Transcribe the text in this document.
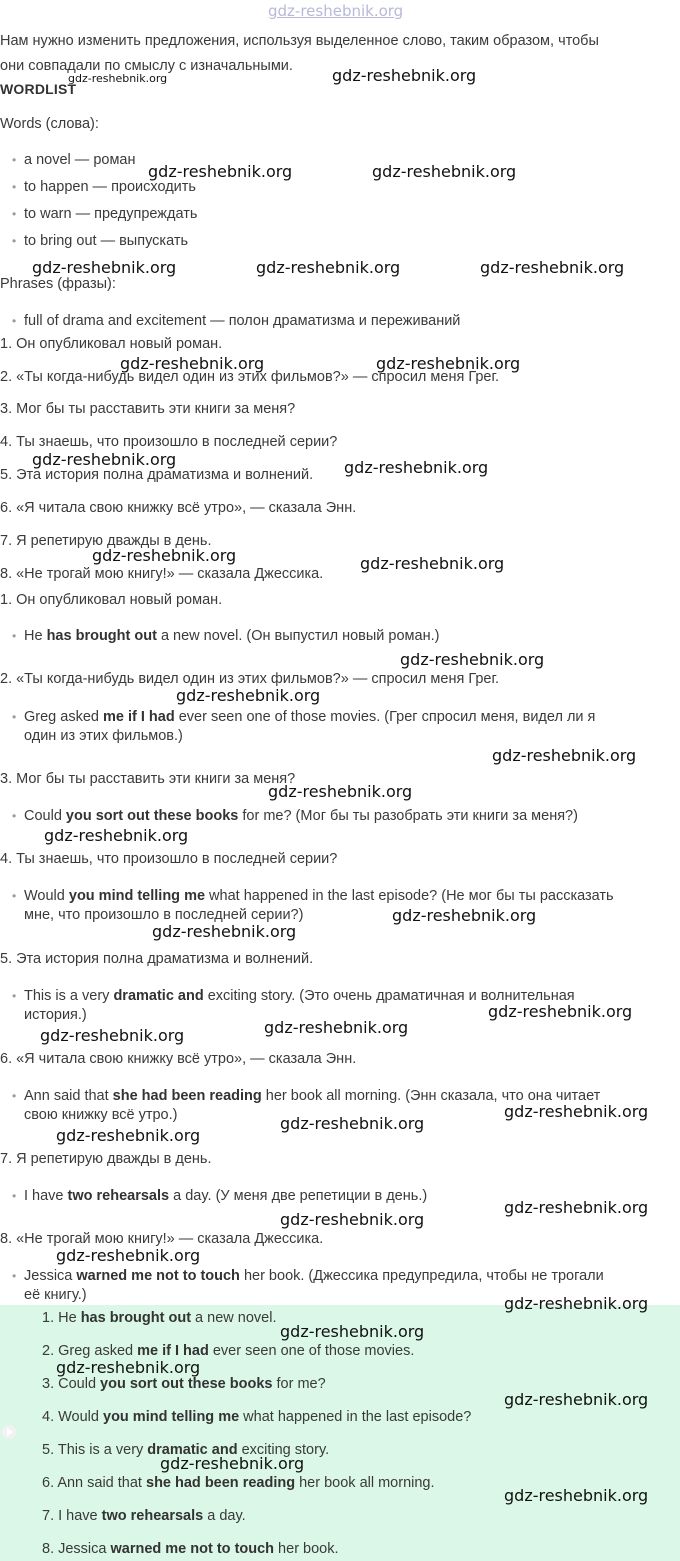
gdz-reshebnik.org
Нам нужно изменить предложения, используя выделенное слово, таким образом, чтобы
они совпадали по смыслу с изначальными.
WORDLIST
Words (слова):
• a novel — роман
• to happen — происходить
• to warn — предупреждать
• to bring out — выпускать
Phrases (фразы):
• full of drama and excitement — полон драматизма и переживаний
1. Он опубликовал новый роман.
2. «Ты когда-нибудь видел один из этих фильмов?» — спросил меня Грег.
3. Мог бы ты расставить эти книги за меня?
4. Ты знаешь, что произошло в последней серии?
5. Эта история полна драматизма и волнений.
6. «Я читала свою книжку всё утро», — сказала Энн.
7. Я репетирую дважды в день.
8. «Не трогай мою книгу!» — сказала Джессика.
1. Он опубликовал новый роман.
• He has brought out a new novel. (Он выпустил новый роман.)
2. «Ты когда-нибудь видел один из этих фильмов?» — спросил меня Грег.
• Greg asked me if I had ever seen one of those movies. (Грег спросил меня, видел ли я
один из этих фильмов.)
3. Мог бы ты расставить эти книги за меня?
• Could you sort out these books for me? (Мог бы ты разобрать эти книги за меня?)
4. Ты знаешь, что произошло в последней серии?
• Would you mind telling me what happened in the last episode? (Не мог бы ты рассказать
мне, что произошло в последней серии?)
5. Эта история полна драматизма и волнений.
• This is a very dramatic and exciting story. (Это очень драматичная и волнительная
история.)
6. «Я читала свою книжку всё утро», — сказала Энн.
• Ann said that she had been reading her book all morning. (Энн сказала, что она читает
свою книжку всё утро.)
7. Я репетирую дважды в день.
• I have two rehearsals a day. (У меня две репетиции в день.)
8. «Не трогай мою книгу!» — сказала Джессика.
• Jessica warned me not to touch her book. (Джессика предупредила, чтобы не трогали
её книгу.)
1. He has brought out a new novel.
2. Greg asked me if I had ever seen one of those movies.
3. Could you sort out these books for me?
4. Would you mind telling me what happened in the last episode?
5. This is a very dramatic and exciting story.
6. Ann said that she had been reading her book all morning.
7. I have two rehearsals a day.
8. Jessica warned me not to touch her book.
gdz-reshebnik.org	gdz-reshebnik.org
gdz-reshebnik.org	gdz-reshebnik.org
gdz-reshebnik.org	gdz-reshebnik.org	gdz-reshebnik.org
gdz-reshebnik.org	gdz-reshebnik.org
gdz-reshebnik.org	gdz-reshebnik.org
gdz-reshebnik.org	gdz-reshebnik.org
gdz-reshebnik.org
gdz-reshebnik.org
gdz-reshebnik.org
gdz-reshebnik.org
gdz-reshebnik.org
gdz-reshebnik.org
gdz-reshebnik.org
gdz-reshebnik.org
gdz-reshebnik.org
gdz-reshebnik.org
gdz-reshebnik.org
gdz-reshebnik.org
gdz-reshebnik.org
gdz-reshebnik.org
gdz-reshebnik.org
gdz-reshebnik.org
gdz-reshebnik.org
gdz-reshebnik.org
gdz-reshebnik.org
gdz-reshebnik.org
gdz-reshebnik.org
gdz-reshebnik.org
